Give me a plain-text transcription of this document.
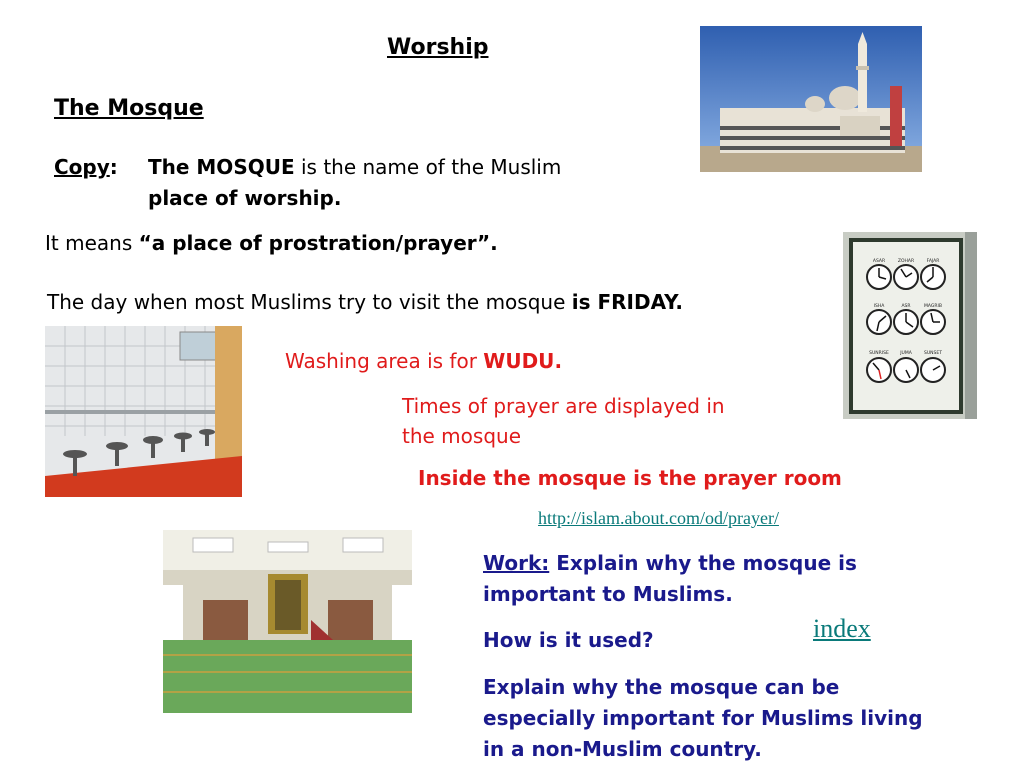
Worship
The Mosque
Copy: The MOSQUE is the name of the Muslim
place of worship.
It means “a place of prostration/prayer”.
The day when most Muslims try to visit the mosque is FRIDAY.
Washing area is for WUDU.
Times of prayer are displayed in
the mosque
Inside the mosque is the prayer room
http://islam.about.com/od/prayer/
Work: Explain why the mosque is
important to Muslims.
How is it used?
Explain why the mosque can be
especially important for Muslims living
in a non-Muslim country.
index
ASAR	ZOHAR	FAJAR
ISHA	ASR	MAGRIB
SUNRISE	JUMA	SUNSET
